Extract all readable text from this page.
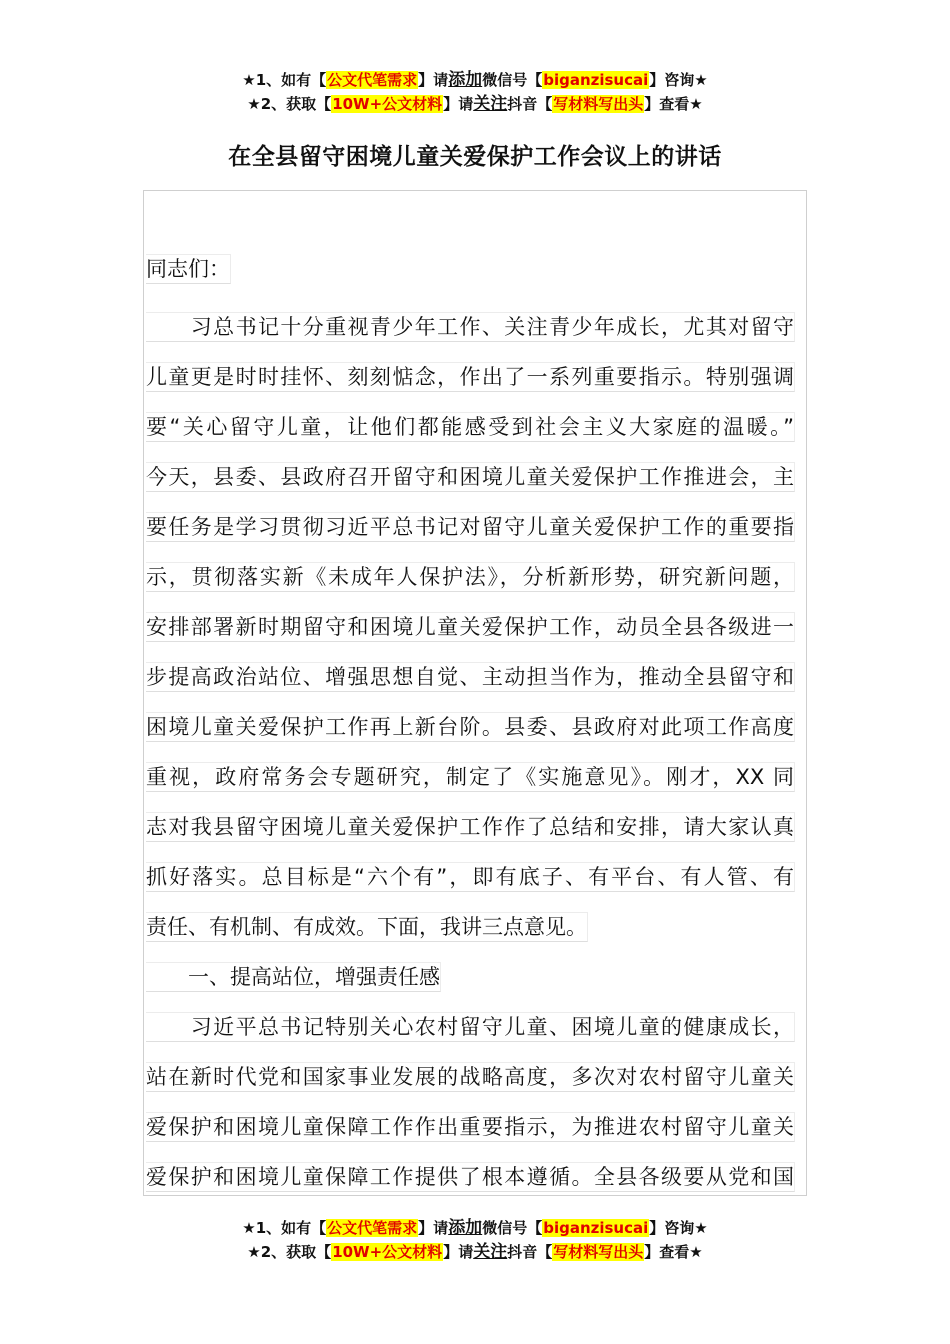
★1、如有【公文代笔需求】请添加微信号【biganzisucai】咨询★
★2、获取【10W+公文材料】请关注抖音【写材料写出头】查看★
在全县留守困境儿童关爱保护工作会议上的讲话
同志们：
　　习总书记十分重视青少年工作、关注青少年成长，尤其对留守
儿童更是时时挂怀、刻刻惦念，作出了一系列重要指示。特别强调
要“关心留守儿童，让他们都能感受到社会主义大家庭的温暖。”
今天，县委、县政府召开留守和困境儿童关爱保护工作推进会，主
要任务是学习贯彻习近平总书记对留守儿童关爱保护工作的重要指
示，贯彻落实新《未成年人保护法》，分析新形势，研究新问题，
安排部署新时期留守和困境儿童关爱保护工作，动员全县各级进一
步提高政治站位、增强思想自觉、主动担当作为，推动全县留守和
困境儿童关爱保护工作再上新台阶。县委、县政府对此项工作高度
重视，政府常务会专题研究，制定了《实施意见》。刚才，XX 同
志对我县留守困境儿童关爱保护工作作了总结和安排，请大家认真
抓好落实。总目标是“六个有”，即有底子、有平台、有人管、有
责任、有机制、有成效。下面，我讲三点意见。
　　一、提高站位，增强责任感
　　习近平总书记特别关心农村留守儿童、困境儿童的健康成长，
站在新时代党和国家事业发展的战略高度，多次对农村留守儿童关
爱保护和困境儿童保障工作作出重要指示，为推进农村留守儿童关
爱保护和困境儿童保障工作提供了根本遵循。全县各级要从党和国
★1、如有【公文代笔需求】请添加微信号【biganzisucai】咨询★
★2、获取【10W+公文材料】请关注抖音【写材料写出头】查看★
